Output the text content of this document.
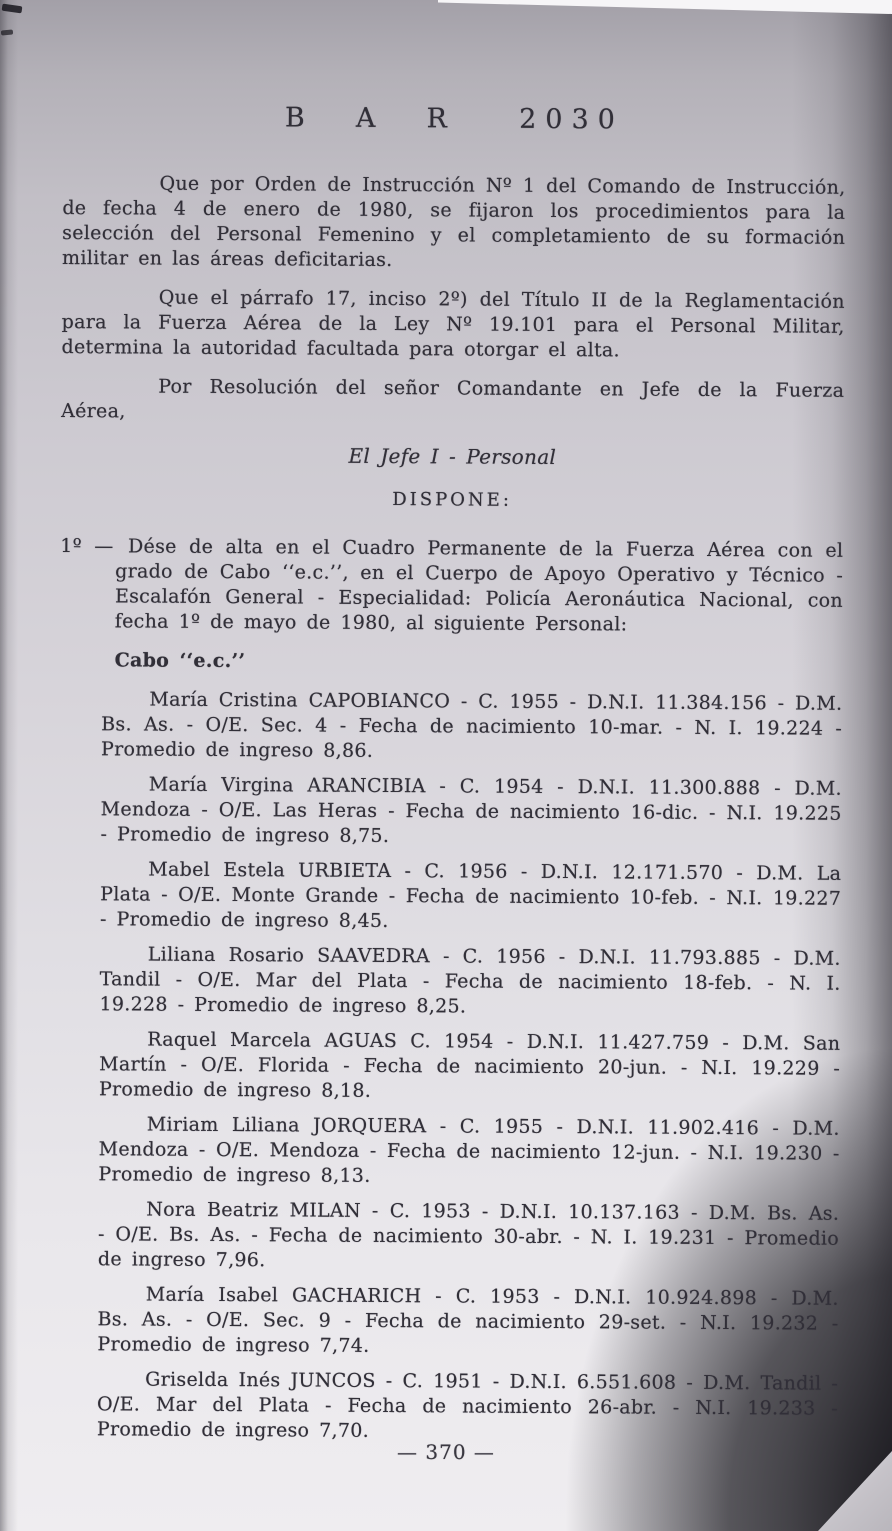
B  A  R   2030

Que por Orden de Instrucción Nº 1 del Comando de Instrucción, de fecha 4 de enero de 1980, se fijaron los procedimientos para la selección del Personal Femenino y el completamiento de su formación militar en las áreas deficitarias.

Que el párrafo 17, inciso 2º) del Título II de la Reglamentación para la Fuerza Aérea de la Ley Nº 19.101 para el Personal Militar, determina la autoridad facultada para otorgar el alta.

Por Resolución del señor Comandante en Jefe de la Fuerza Aérea,

El Jefe I - Personal
DISPONE:

1º — Dése de alta en el Cuadro Permanente de la Fuerza Aérea con el grado de Cabo ‘‘e.c.’’, en el Cuerpo de Apoyo Operativo y Técnico - Escalafón General - Especialidad: Policía Aeronáutica Nacional, con fecha 1º de mayo de 1980, al siguiente Personal:

Cabo ‘‘e.c.’’

María Cristina CAPOBIANCO - C. 1955 - D.N.I. 11.384.156 - D.M. Bs. As. - O/E. Sec. 4 - Fecha de nacimiento 10-mar. - N. I. 19.224 - Promedio de ingreso 8,86.

María Virgina ARANCIBIA - C. 1954 - D.N.I. 11.300.888 - D.M. Mendoza - O/E. Las Heras - Fecha de nacimiento 16-dic. - N.I. 19.225 - Promedio de ingreso 8,75.

Mabel Estela URBIETA - C. 1956 - D.N.I. 12.171.570 - D.M. La Plata - O/E. Monte Grande - Fecha de nacimiento 10-feb. - N.I. 19.227 - Promedio de ingreso 8,45.

Liliana Rosario SAAVEDRA - C. 1956 - D.N.I. 11.793.885 - D.M. Tandil - O/E. Mar del Plata - Fecha de nacimiento 18-feb. - N. I. 19.228 - Promedio de ingreso 8,25.

Raquel Marcela AGUAS C. 1954 - D.N.I. 11.427.759 - D.M. San Martín - O/E. Florida - Fecha de nacimiento 20-jun. - N.I. 19.229 - Promedio de ingreso 8,18.

Miriam Liliana JORQUERA - C. 1955 - D.N.I. 11.902.416 - D.M. Mendoza - O/E. Mendoza - Fecha de nacimiento 12-jun. - N.I. 19.230 - Promedio de ingreso 8,13.

Nora Beatriz MILAN - C. 1953 - D.N.I. 10.137.163 - D.M. Bs. As. - O/E. Bs. As. - Fecha de nacimiento 30-abr. - N. I. 19.231 - Promedio de ingreso 7,96.

María Isabel GACHARICH - C. 1953 - D.N.I. 10.924.898 - D.M. Bs. As. - O/E. Sec. 9 - Fecha de nacimiento 29-set. - N.I. 19.232 - Promedio de ingreso 7,74.

Griselda Inés JUNCOS - C. 1951 - D.N.I. 6.551.608 - D.M. Tandil - O/E. Mar del Plata - Fecha de nacimiento 26-abr. - N.I. 19.233 - Promedio de ingreso 7,70.

— 370 —
